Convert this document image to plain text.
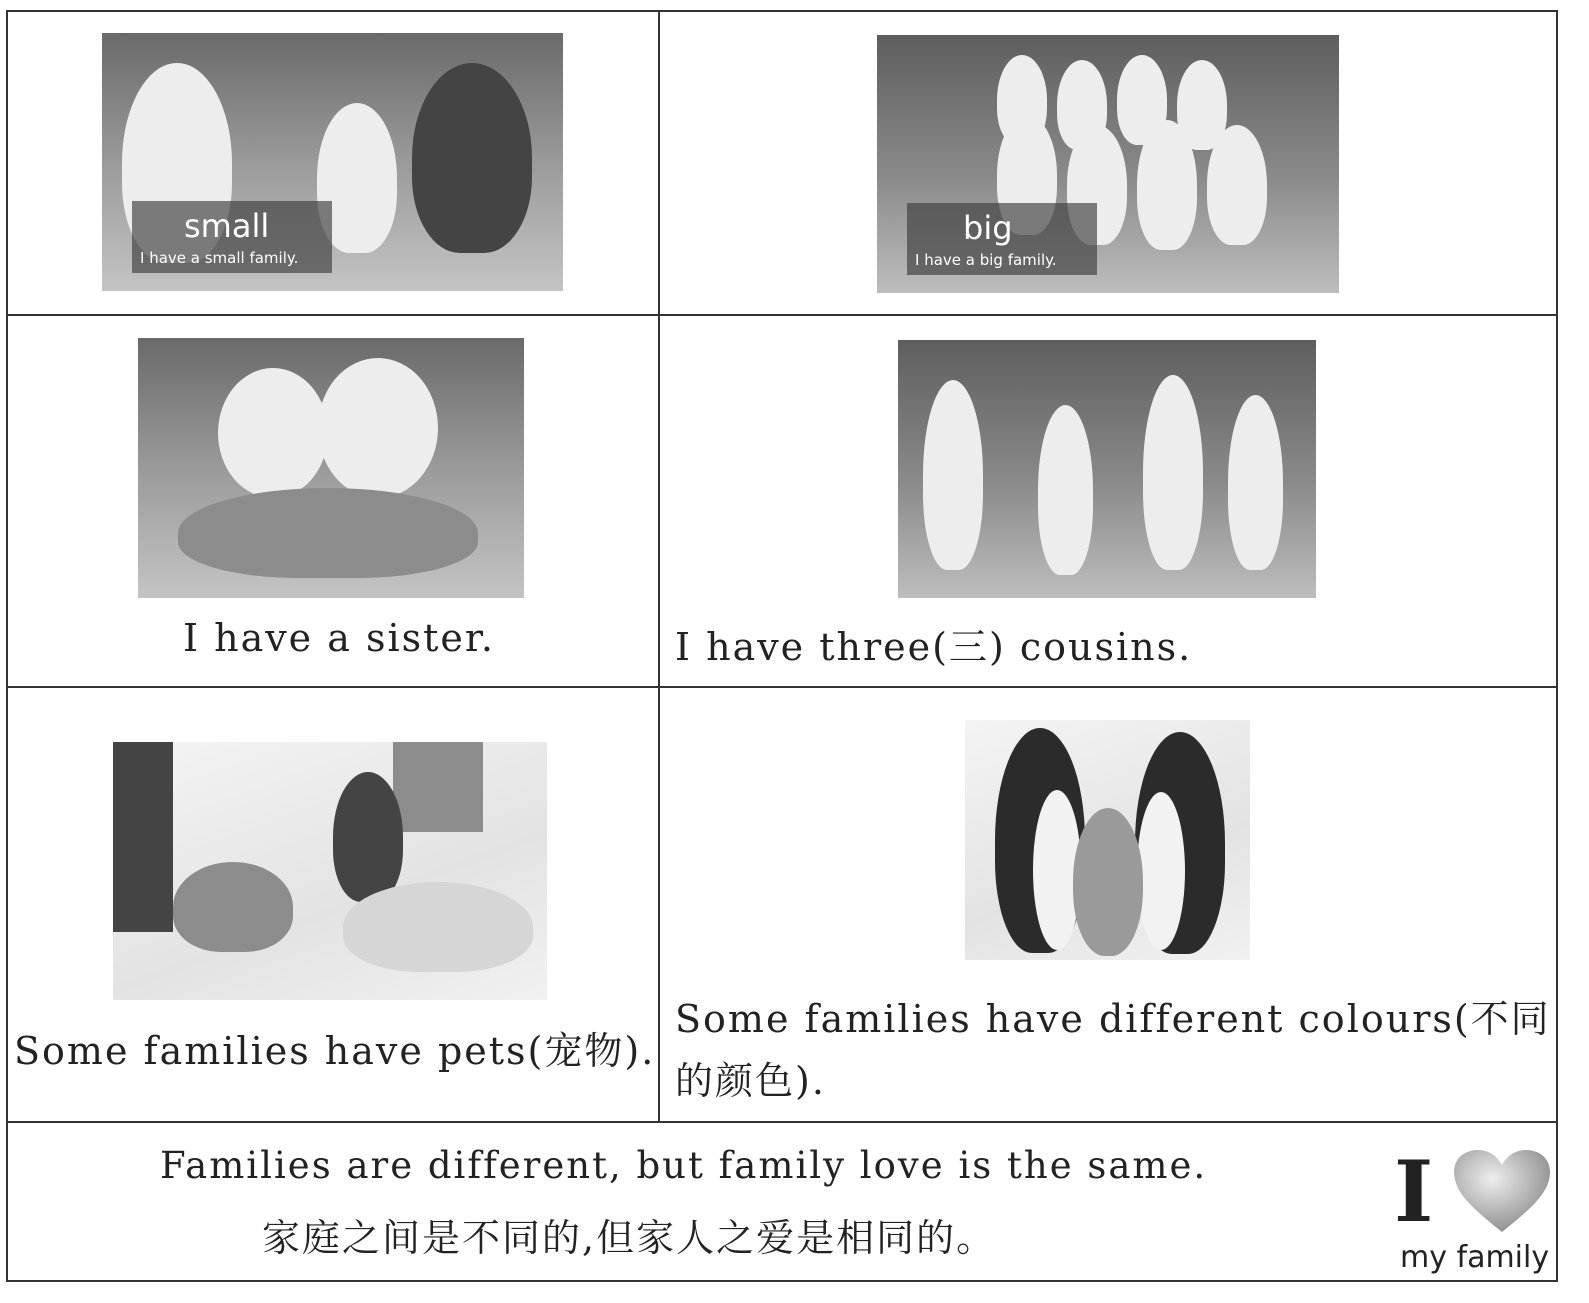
small
I have a small family.
big
I have a big family.
I have a sister.	I have three(三) cousins.
Some families have pets(宠物).
Some families have different colours(不同
的颜色).
Families are different, but family love is the same.
家庭之间是不同的,但家人之爱是相同的。	I
my family
